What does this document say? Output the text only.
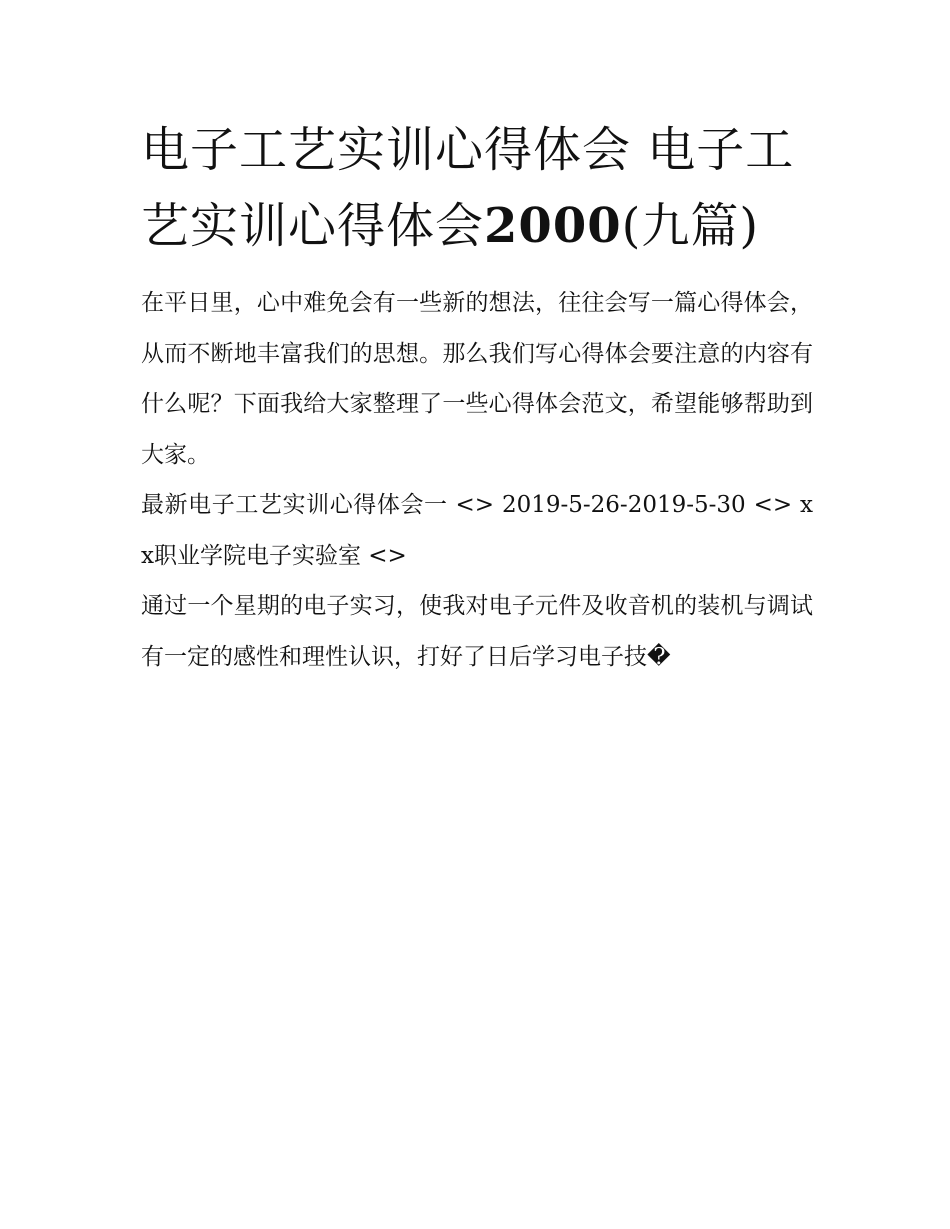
电子工艺实训心得体会 电子工艺实训心得体会2000(九篇)

在平日里，心中难免会有一些新的想法，往往会写一篇心得体会，从而不断地丰富我们的思想。那么我们写心得体会要注意的内容有什么呢？下面我给大家整理了一些心得体会范文，希望能够帮助到大家。

最新电子工艺实训心得体会一 <> 2019-5-26-2019-5-30 <> xx职业学院电子实验室 <>

通过一个星期的电子实习，使我对电子元件及收音机的装机与调试有一定的感性和理性认识，打好了日后学习电子技�
